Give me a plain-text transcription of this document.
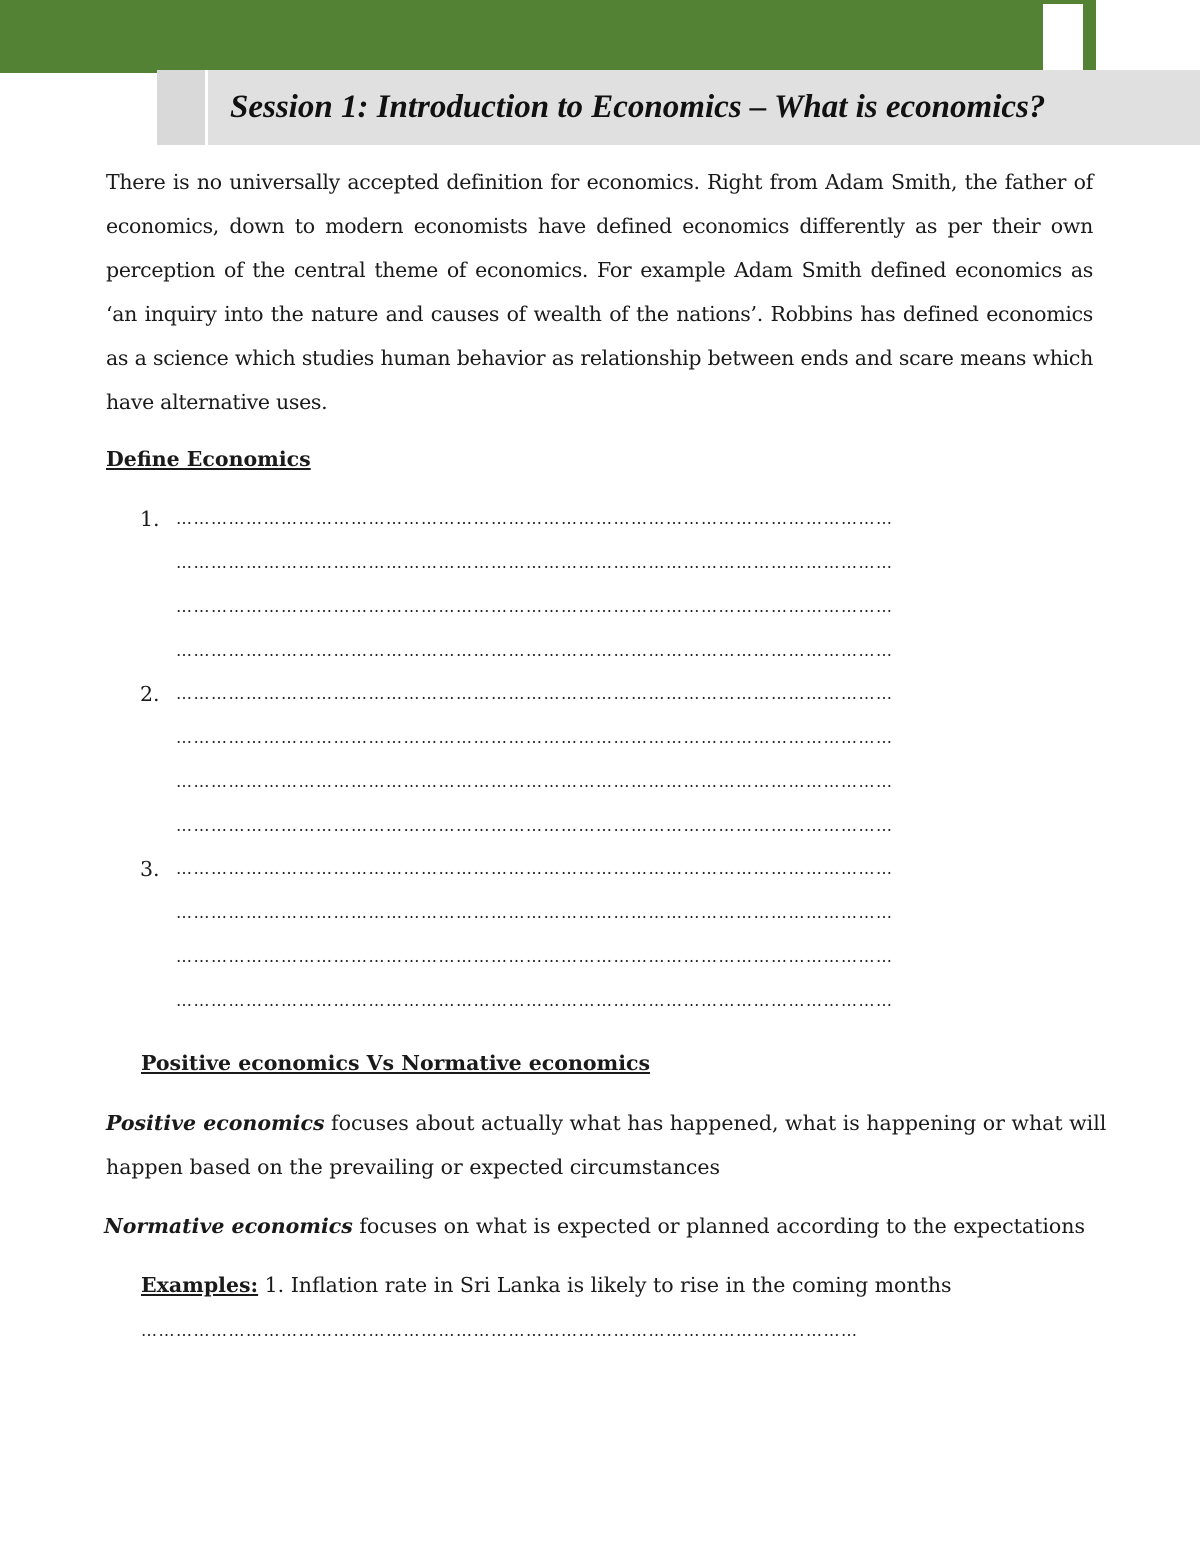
Session 1: Introduction to Economics – What is economics?

There is no universally accepted definition for economics. Right from Adam Smith, the father of economics, down to modern economists have defined economics differently as per their own perception of the central theme of economics. For example Adam Smith defined economics as ‘an inquiry into the nature and causes of wealth of the nations’. Robbins has defined economics as a science which studies human behavior as relationship between ends and scare means which have alternative uses.

Define Economics
1. ……………………………………………………………………………………………………………
……………………………………………………………………………………………………………
……………………………………………………………………………………………………………
……………………………………………………………………………………………………………
2. ……………………………………………………………………………………………………………
……………………………………………………………………………………………………………
……………………………………………………………………………………………………………
……………………………………………………………………………………………………………
3. ……………………………………………………………………………………………………………
……………………………………………………………………………………………………………
……………………………………………………………………………………………………………
……………………………………………………………………………………………………………
Positive economics Vs Normative economics

Positive economics focuses about actually what has happened, what is happening or what will

happen based on the prevailing or expected circumstances

Normative economics focuses on what is expected or planned according to the expectations

Examples: 1. Inflation rate in Sri Lanka is likely to rise in the coming months

……………………………………………………………………………………………………………
